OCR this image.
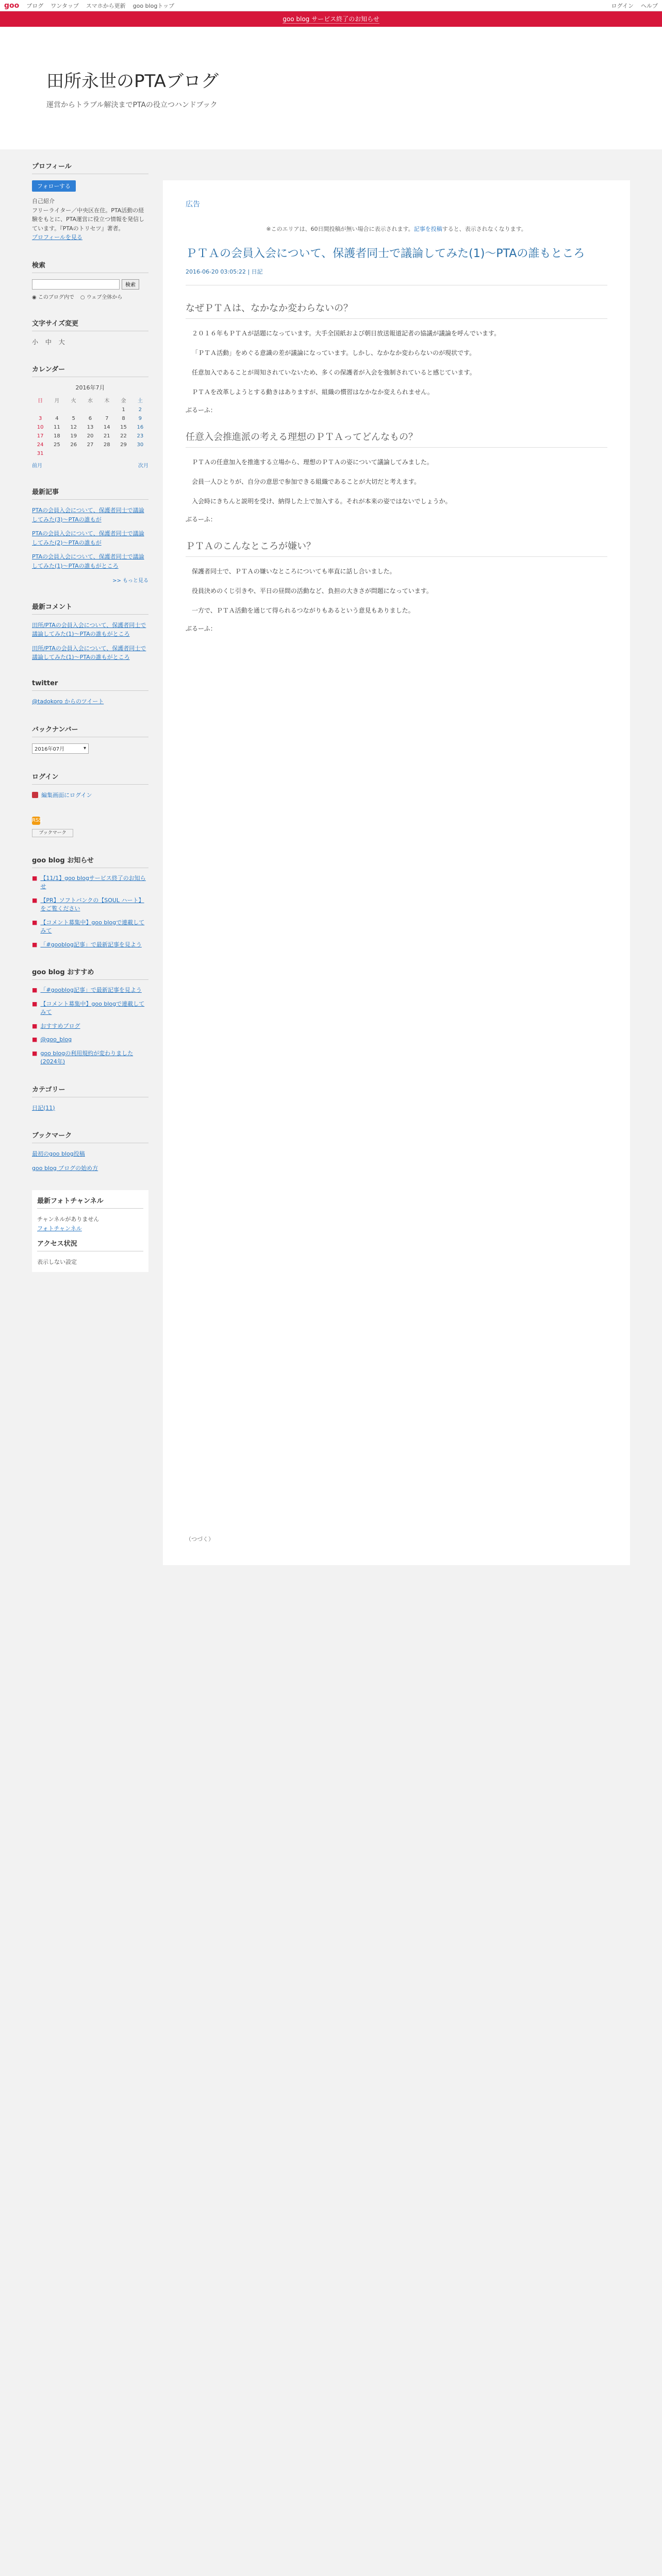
goo ブログ ワンタップ スマホから更新 goo blogトップ	ログイン ヘルプ
goo blog サービス終了のお知らせ
田所永世のPTAブログ
運営からトラブル解決までPTAの役立つハンドブック
プロフィール
フォローする
自己紹介
フリーライター／中央区在住。PTA活動の経験をもとに、PTA運営に役立つ情報を発信しています。『PTAのトリセツ』著者。
プロフィールを見る
検索
検索
◉ このブログ内で ○ ウェブ全体から
文字サイズ変更
小 中 大
カレンダー
2016年7月
日	月	火	水	木	金	土
					1	2
3	4	5	6	7	8	9
10	11	12	13	14	15	16
17	18	19	20	21	22	23
24	25	26	27	28	29	30
31						
前月	次月
最新記事
PTAの会員入会について、保護者同士で議論してみた(3)〜PTAの誰もが
PTAの会員入会について、保護者同士で議論してみた(2)〜PTAの誰もが
PTAの会員入会について、保護者同士で議論してみた(1)〜PTAの誰もがところ
>> もっと見る
最新コメント
田所/PTAの会員入会について、保護者同士で議論してみた(1)〜PTAの誰もがところ
田所/PTAの会員入会について、保護者同士で議論してみた(1)〜PTAの誰もがところ
twitter
@tadokoro からのツイート
バックナンバー
2016年07月	▾
ログイン
編集画面にログイン
RSS
ブックマーク
goo blog お知らせ
■ 【11/1】goo blogサービス終了のお知らせ
■ 【PR】ソフトバンクの【SOUL ハート】をご覧ください
■ 【コメント募集中】goo blogで連載してみて
■ 「#gooblog記事」で最新記事を見よう
goo blog おすすめ
■ 「#gooblog記事」で最新記事を見よう
■ 【コメント募集中】goo blogで連載してみて
■ おすすめブログ
■ @goo_blog
■ goo blogの利用規約が変わりました(2024年)
カテゴリー
日記(11)
ブックマーク
最初のgoo blog投稿
goo blog ブログの始め方
最新フォトチャンネル
チャンネルがありません
フォトチャンネル
アクセス状況
表示しない設定
広告
※このエリアは、60日間投稿が無い場合に表示されます。記事を投稿すると、表示されなくなります。
ＰＴＡの会員入会について、保護者同士で議論してみた(1)〜PTAの誰もところ
2016-06-20 03:05:22 | 日記
なぜＰＴＡは、なかなか変わらないの？

２０１６年もＰＴＡが話題になっています。大手全国紙および朝日放送報道記者の協議が議論を呼んでいます。

「ＰＴＡ活動」をめぐる意識の差が議論になっています。しかし、なかなか変わらないのが現状です。

任意加入であることが周知されていないため、多くの保護者が入会を強制されていると感じています。

ＰＴＡを改革しようとする動きはありますが、組織の慣習はなかなか変えられません。

ぶるーふ：
任意入会推進派の考える理想のＰＴＡってどんなもの？

ＰＴＡの任意加入を推進する立場から、理想のＰＴＡの姿について議論してみました。

会員一人ひとりが、自分の意思で参加できる組織であることが大切だと考えます。

入会時にきちんと説明を受け、納得した上で加入する。それが本来の姿ではないでしょうか。

ぶるーふ：
ＰＴＡのこんなところが嫌い？

保護者同士で、ＰＴＡの嫌いなところについても率直に話し合いました。

役員決めのくじ引きや、平日の昼間の活動など、負担の大きさが問題になっています。

一方で、ＰＴＡ活動を通じて得られるつながりもあるという意見もありました。

ぶるーふ：
（つづく）
